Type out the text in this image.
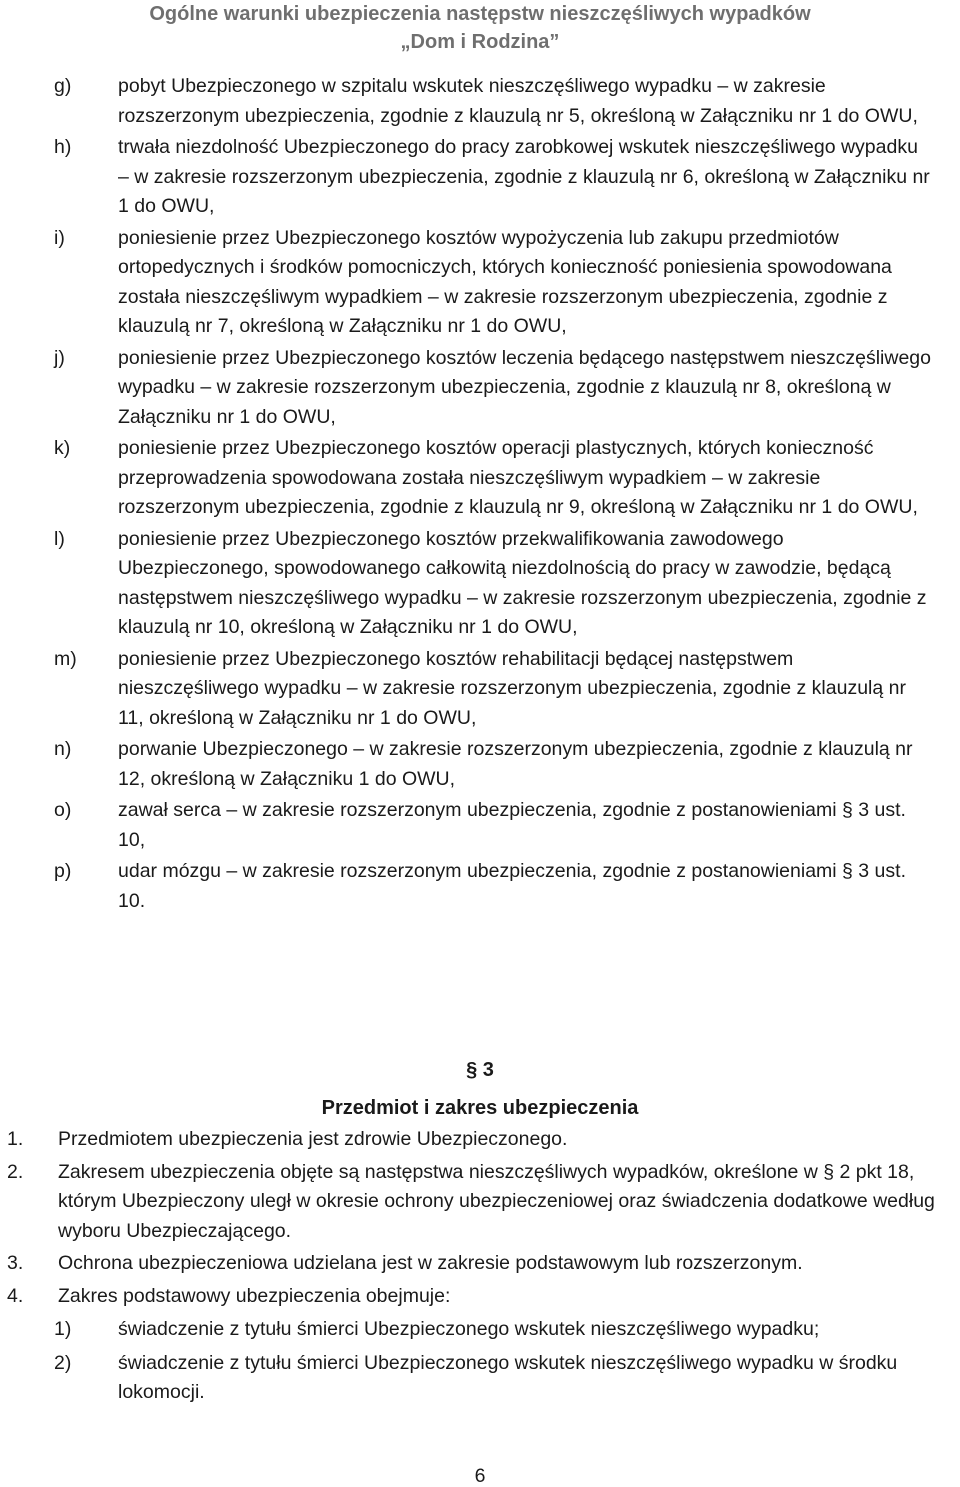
Ogólne warunki ubezpieczenia następstw nieszczęśliwych wypadków
„Dom i Rodzina”
g) pobyt Ubezpieczonego w szpitalu wskutek nieszczęśliwego wypadku – w zakresie rozszerzonym ubezpieczenia, zgodnie z klauzulą nr 5, określoną w Załączniku nr 1 do OWU,
h) trwała niezdolność Ubezpieczonego do pracy zarobkowej wskutek nieszczęśliwego wypadku – w zakresie rozszerzonym ubezpieczenia, zgodnie z klauzulą nr 6, określoną w Załączniku nr 1 do OWU,
i)	poniesienie przez Ubezpieczonego kosztów wypożyczenia lub zakupu przedmiotów ortopedycznych i środków pomocniczych, których konieczność poniesienia spowodowana została nieszczęśliwym wypadkiem – w zakresie rozszerzonym ubezpieczenia, zgodnie z klauzulą nr 7, określoną w Załączniku nr 1 do OWU,
j)	poniesienie przez Ubezpieczonego kosztów leczenia będącego następstwem nieszczęśliwego wypadku – w zakresie rozszerzonym ubezpieczenia, zgodnie z klauzulą nr 8, określoną w Załączniku nr 1 do OWU,
k) poniesienie przez Ubezpieczonego kosztów operacji plastycznych, których konieczność przeprowadzenia spowodowana została nieszczęśliwym wypadkiem – w zakresie rozszerzonym ubezpieczenia, zgodnie z klauzulą nr 9, określoną w Załączniku nr 1 do OWU,
l)	poniesienie przez Ubezpieczonego kosztów przekwalifikowania zawodowego Ubezpieczonego, spowodowanego całkowitą niezdolnością do pracy w zawodzie, będącą następstwem nieszczęśliwego wypadku – w zakresie rozszerzonym ubezpieczenia, zgodnie z klauzulą nr 10, określoną w Załączniku nr 1 do OWU,
m) poniesienie przez Ubezpieczonego kosztów rehabilitacji będącej następstwem nieszczęśliwego wypadku – w zakresie rozszerzonym ubezpieczenia, zgodnie z klauzulą nr 11, określoną w Załączniku nr 1 do OWU,
n) porwanie Ubezpieczonego – w zakresie rozszerzonym ubezpieczenia, zgodnie z klauzulą nr 12, określoną w Załączniku 1 do OWU,
o) zawał serca – w zakresie rozszerzonym ubezpieczenia, zgodnie z postanowieniami § 3 ust. 10,
p) udar mózgu – w zakresie rozszerzonym ubezpieczenia, zgodnie z postanowieniami § 3 ust. 10.
§ 3
Przedmiot i zakres ubezpieczenia
1. Przedmiotem ubezpieczenia jest zdrowie Ubezpieczonego.
2. Zakresem ubezpieczenia objęte są następstwa nieszczęśliwych wypadków, określone w § 2 pkt 18, którym Ubezpieczony uległ w okresie ochrony ubezpieczeniowej oraz świadczenia dodatkowe według wyboru Ubezpieczającego.
3. Ochrona ubezpieczeniowa udzielana jest w zakresie podstawowym lub rozszerzonym.
4. Zakres podstawowy ubezpieczenia obejmuje:
1) świadczenie z tytułu śmierci Ubezpieczonego wskutek nieszczęśliwego wypadku;
2) świadczenie z tytułu śmierci Ubezpieczonego wskutek nieszczęśliwego wypadku w środku lokomocji.
6
